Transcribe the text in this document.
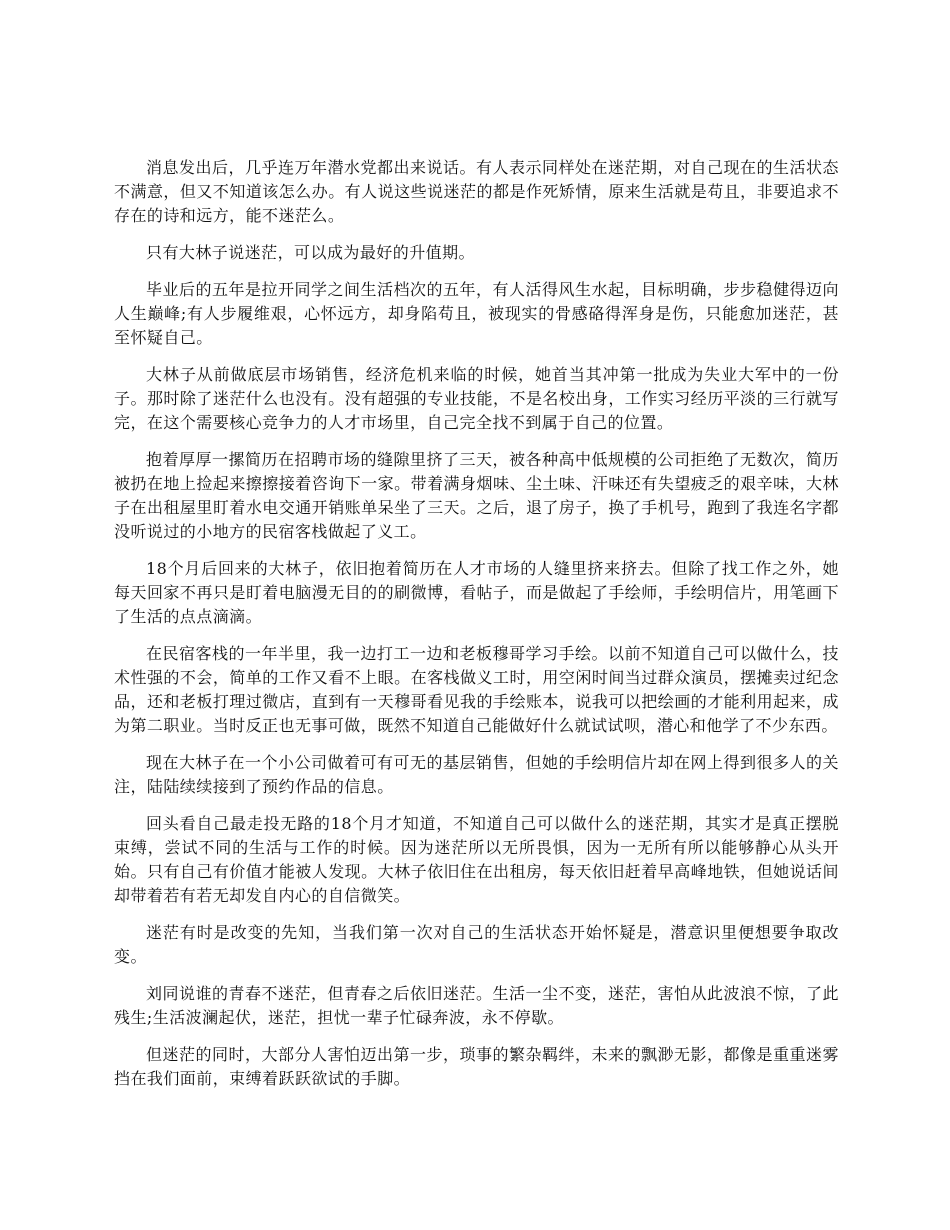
消息发出后，几乎连万年潜水党都出来说话。有人表示同样处在迷茫期，对自己现在的生活状态不满意，但又不知道该怎么办。有人说这些说迷茫的都是作死矫情，原来生活就是苟且，非要追求不存在的诗和远方，能不迷茫么。

只有大林子说迷茫，可以成为最好的升值期。

毕业后的五年是拉开同学之间生活档次的五年，有人活得风生水起，目标明确，步步稳健得迈向人生巅峰;有人步履维艰，心怀远方，却身陷苟且，被现实的骨感硌得浑身是伤，只能愈加迷茫，甚至怀疑自己。

大林子从前做底层市场销售，经济危机来临的时候，她首当其冲第一批成为失业大军中的一份子。那时除了迷茫什么也没有。没有超强的专业技能，不是名校出身，工作实习经历平淡的三行就写完，在这个需要核心竞争力的人才市场里，自己完全找不到属于自己的位置。

抱着厚厚一摞简历在招聘市场的缝隙里挤了三天，被各种高中低规模的公司拒绝了无数次，简历被扔在地上捡起来擦擦接着咨询下一家。带着满身烟味、尘土味、汗味还有失望疲乏的艰辛味，大林子在出租屋里盯着水电交通开销账单呆坐了三天。之后，退了房子，换了手机号，跑到了我连名字都没听说过的小地方的民宿客栈做起了义工。

18个月后回来的大林子，依旧抱着简历在人才市场的人缝里挤来挤去。但除了找工作之外，她每天回家不再只是盯着电脑漫无目的的刷微博，看帖子，而是做起了手绘师，手绘明信片，用笔画下了生活的点点滴滴。

在民宿客栈的一年半里，我一边打工一边和老板穆哥学习手绘。以前不知道自己可以做什么，技术性强的不会，简单的工作又看不上眼。在客栈做义工时，用空闲时间当过群众演员，摆摊卖过纪念品，还和老板打理过微店，直到有一天穆哥看见我的手绘账本，说我可以把绘画的才能利用起来，成为第二职业。当时反正也无事可做，既然不知道自己能做好什么就试试呗，潜心和他学了不少东西。

现在大林子在一个小公司做着可有可无的基层销售，但她的手绘明信片却在网上得到很多人的关注，陆陆续续接到了预约作品的信息。

回头看自己最走投无路的18个月才知道，不知道自己可以做什么的迷茫期，其实才是真正摆脱束缚，尝试不同的生活与工作的时候。因为迷茫所以无所畏惧，因为一无所有所以能够静心从头开始。只有自己有价值才能被人发现。大林子依旧住在出租房，每天依旧赶着早高峰地铁，但她说话间却带着若有若无却发自内心的自信微笑。

迷茫有时是改变的先知，当我们第一次对自己的生活状态开始怀疑是，潜意识里便想要争取改变。

刘同说谁的青春不迷茫，但青春之后依旧迷茫。生活一尘不变，迷茫，害怕从此波浪不惊，了此残生;生活波澜起伏，迷茫，担忧一辈子忙碌奔波，永不停歇。

但迷茫的同时，大部分人害怕迈出第一步，琐事的繁杂羁绊，未来的飘渺无影，都像是重重迷雾挡在我们面前，束缚着跃跃欲试的手脚。
